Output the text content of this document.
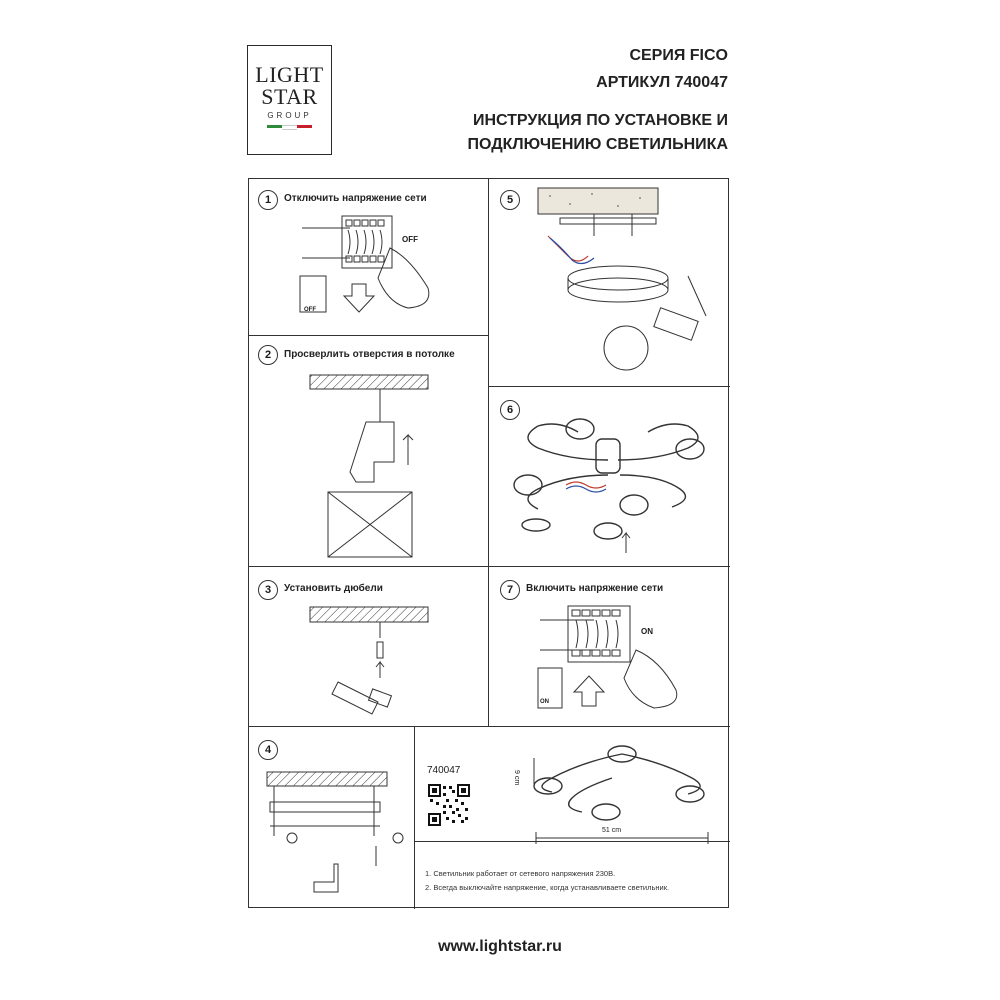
LIGHT
STAR
GROUP
СЕРИЯ FICO
АРТИКУЛ 740047
ИНСТРУКЦИЯ ПО УСТАНОВКЕ И
ПОДКЛЮЧЕНИЮ СВЕТИЛЬНИКА
1	Отключить напряжение сети
OFF
OFF
2	Просверлить отверстия в потолке
3	Установить дюбели
4
740047
5
6
7	Включить напряжение сети
ON
ON
9 cm
51 cm
1. Светильник работает от сетевого напряжения 230В.
2. Всегда выключайте напряжение, когда устанавливаете светильник.
www.lightstar.ru
